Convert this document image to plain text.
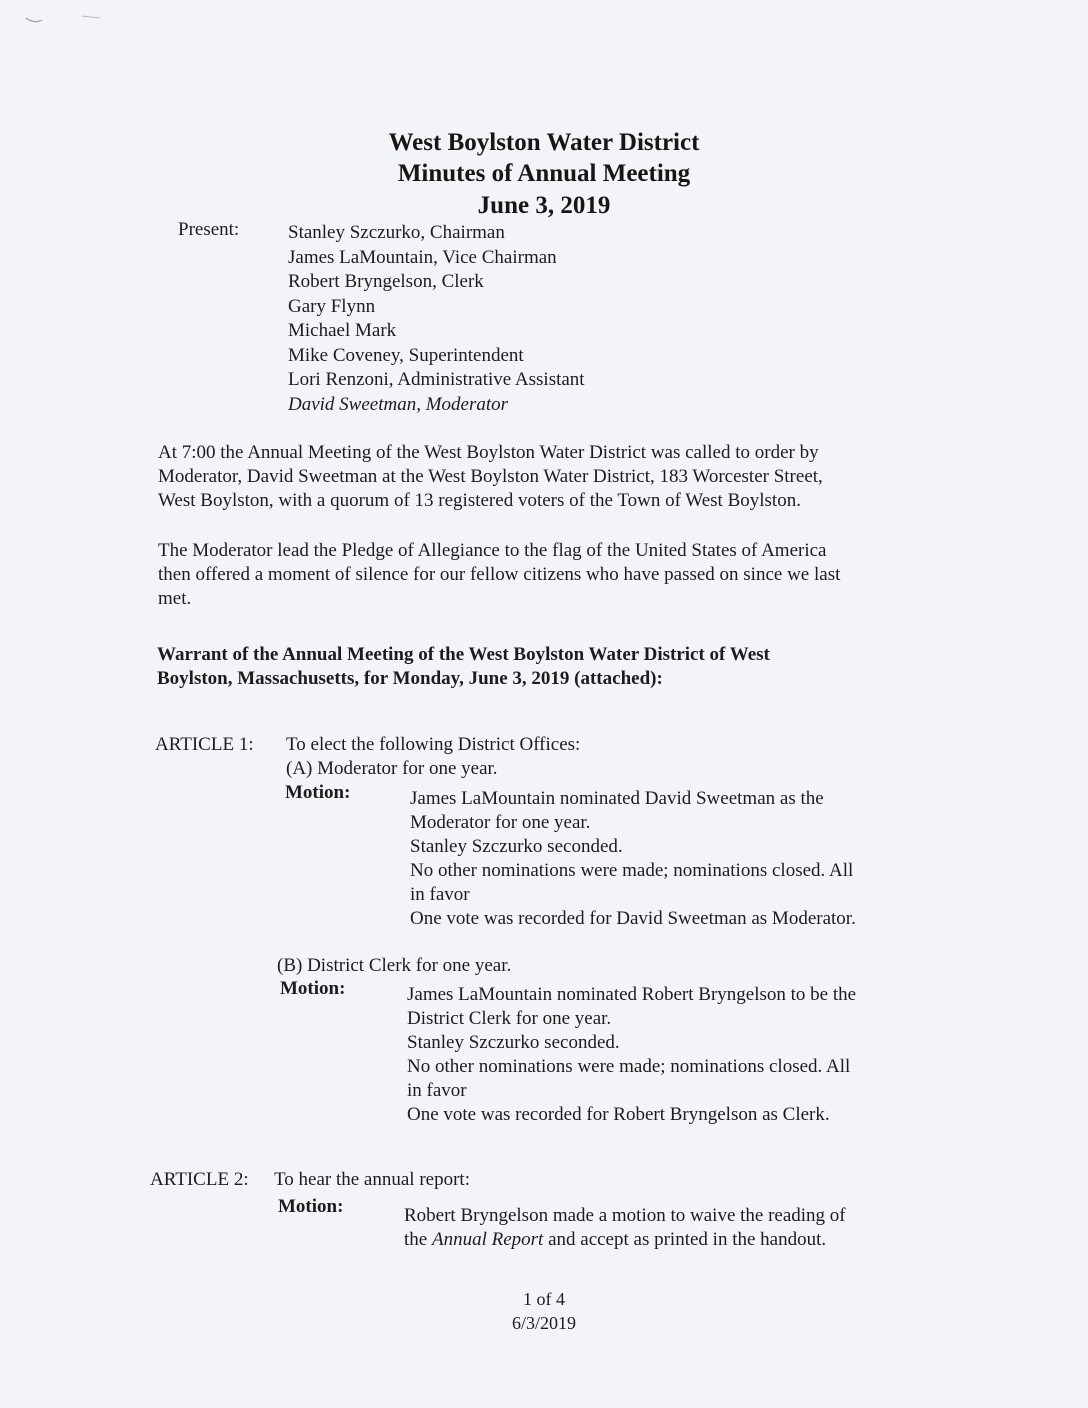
West Boylston Water District
Minutes of Annual Meeting
June 3, 2019
Present:	Stanley Szczurko, Chairman
James LaMountain, Vice Chairman
Robert Bryngelson, Clerk
Gary Flynn
Michael Mark
Mike Coveney, Superintendent
Lori Renzoni, Administrative Assistant
David Sweetman, Moderator
At 7:00 the Annual Meeting of the West Boylston Water District was called to order by
Moderator, David Sweetman at the West Boylston Water District, 183 Worcester Street,
West Boylston, with a quorum of 13 registered voters of the Town of West Boylston.
The Moderator lead the Pledge of Allegiance to the flag of the United States of America
then offered a moment of silence for our fellow citizens who have passed on since we last
met.
Warrant of the Annual Meeting of the West Boylston Water District of West
Boylston, Massachusetts, for Monday, June 3, 2019 (attached):
ARTICLE 1: To elect the following District Offices:
(A) Moderator for one year.
Motion:	James LaMountain nominated David Sweetman as the
Moderator for one year.
Stanley Szczurko seconded.
No other nominations were made; nominations closed. All
in favor
One vote was recorded for David Sweetman as Moderator.
(B) District Clerk for one year.
Motion:	James LaMountain nominated Robert Bryngelson to be the
District Clerk for one year.
Stanley Szczurko seconded.
No other nominations were made; nominations closed. All
in favor
One vote was recorded for Robert Bryngelson as Clerk.
ARTICLE 2: To hear the annual report:
Motion:	Robert Bryngelson made a motion to waive the reading of
the Annual Report and accept as printed in the handout.
1 of 4
6/3/2019
